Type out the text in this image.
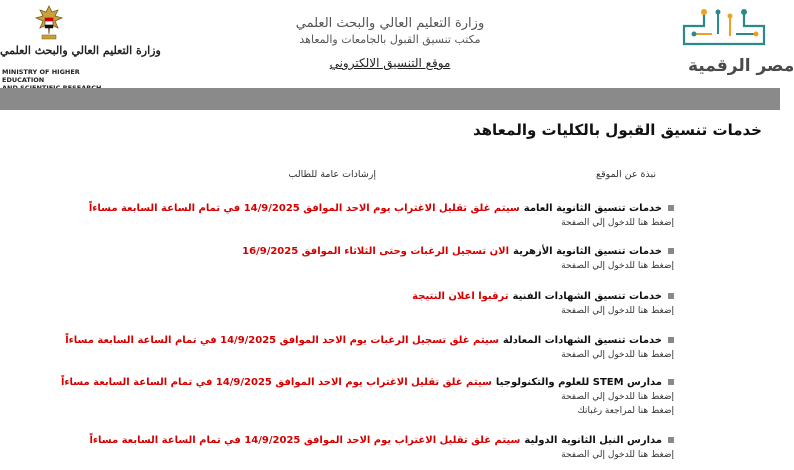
وزارة التعليم العالي والبحث العلمي
MINISTRY OF HIGHER EDUCATION
وزارة التعليم العالي والبحث العلمي
مكتب تنسيق القبول بالجامعات والمعاهد
موقع التنسيق الالكتروني	مصر الرقمية
خدمات تنسيق القبول بالكليات والمعاهد
نبذة عن الموقع
إرشادات عامة للطالب
خدمات تنسيق الثانوية العامةسيتم غلق تقليل الاغتراب يوم الاحد الموافق 14/9/2025 في تمام الساعة السابعة مساءاً
إضغط هنا للدخول إلي الصفحة
خدمات تنسيق الثانوية الأزهريةالان تسجيل الرغبات وحتى الثلاثاء الموافق 16/9/2025
إضغط هنا للدخول إلي الصفحة
خدمات تنسيق الشهادات الفنيةترقبوا اعلان النتيجة
إضغط هنا للدخول إلي الصفحة
خدمات تنسيق الشهادات المعادلةسيتم غلق تسجيل الرغبات يوم الاحد الموافق 14/9/2025 في تمام الساعة السابعة مساءاً
إضغط هنا للدخول إلي الصفحة
مدارس STEM للعلوم والتكنولوجياسيتم غلق تقليل الاغتراب يوم الاحد الموافق 14/9/2025 في تمام الساعة السابعة مساءاً
إضغط هنا للدخول إلي الصفحة
إضغط هنا لمراجعة رغباتك
مدارس النيل الثانوية الدوليةسيتم غلق تقليل الاغتراب يوم الاحد الموافق 14/9/2025 في تمام الساعة السابعة مساءاً
إضغط هنا للدخول إلي الصفحة
